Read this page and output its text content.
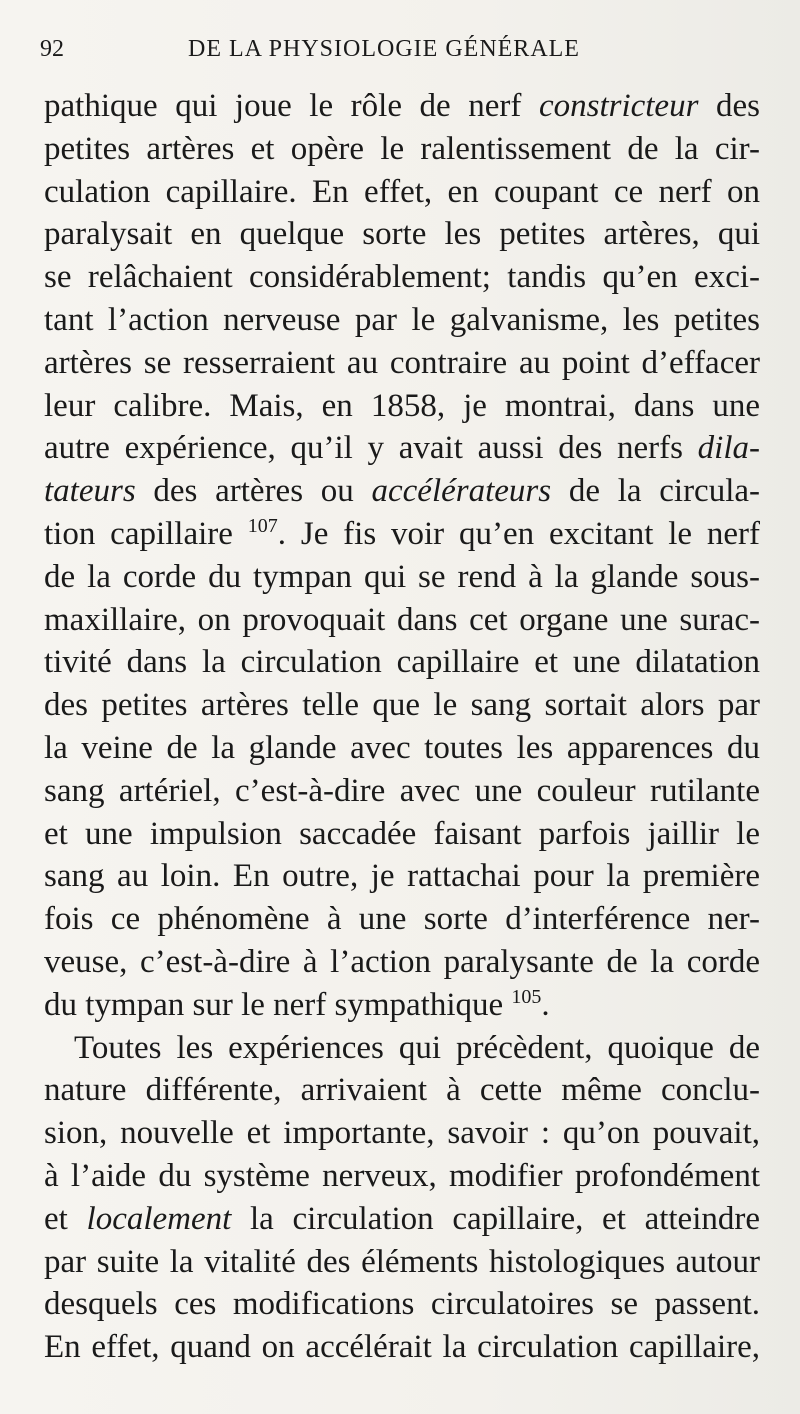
92	DE LA PHYSIOLOGIE GÉNÉRALE
pathique qui joue le rôle de nerf constricteur des
petites artères et opère le ralentissement de la cir-
culation capillaire. En effet, en coupant ce nerf on
paralysait en quelque sorte les petites artères, qui
se relâchaient considérablement; tandis qu’en exci-
tant l’action nerveuse par le galvanisme, les petites
artères se resserraient au contraire au point d’effacer
leur calibre. Mais, en 1858, je montrai, dans une
autre expérience, qu’il y avait aussi des nerfs dila-
tateurs des artères ou accélérateurs de la circula-
tion capillaire $^{107}$. Je fis voir qu’en excitant le nerf
de la corde du tympan qui se rend à la glande sous-
maxillaire, on provoquait dans cet organe une surac-
tivité dans la circulation capillaire et une dilatation
des petites artères telle que le sang sortait alors par
la veine de la glande avec toutes les apparences du
sang artériel, c’est-à-dire avec une couleur rutilante
et une impulsion saccadée faisant parfois jaillir le
sang au loin. En outre, je rattachai pour la première
fois ce phénomène à une sorte d’interférence ner-
veuse, c’est-à-dire à l’action paralysante de la corde
du tympan sur le nerf sympathique $^{105}$.
Toutes les expériences qui précèdent, quoique de
nature différente, arrivaient à cette même conclu-
sion, nouvelle et importante, savoir : qu’on pouvait,
à l’aide du système nerveux, modifier profondément
et localement la circulation capillaire, et atteindre
par suite la vitalité des éléments histologiques autour
desquels ces modifications circulatoires se passent.
En effet, quand on accélérait la circulation capillaire,
